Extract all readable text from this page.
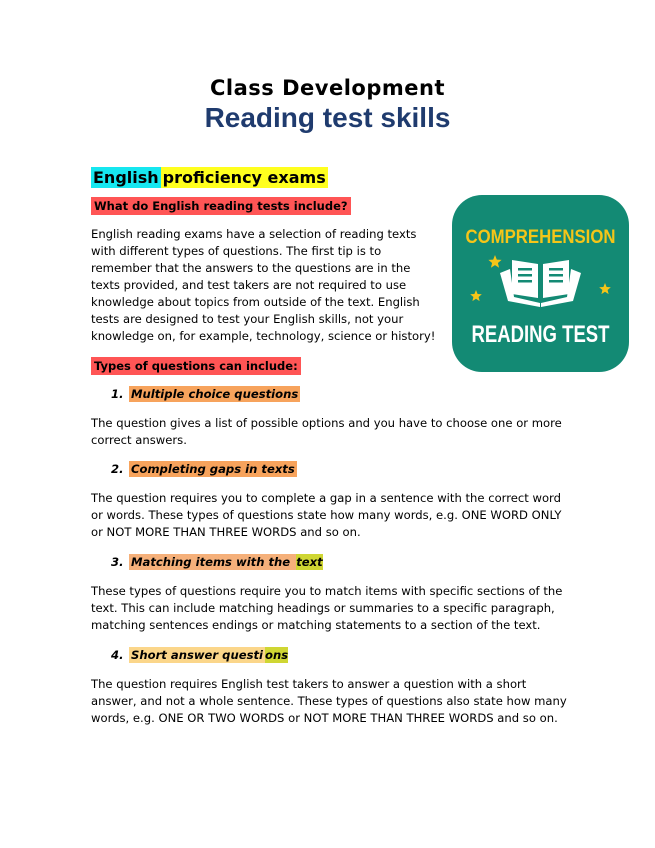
Class Development
Reading test skills
English proficiency exams
What do English reading tests include?

English reading exams have a selection of reading texts with different types of questions. The first tip is to remember that the answers to the questions are in the texts provided, and test takers are not required to use knowledge about topics from outside of the text. English tests are designed to test your English skills, not your knowledge on, for example, technology, science or history!

Types of questions can include:
1. Multiple choice questions

The question gives a list of possible options and you have to choose one or more correct answers.

2. Completing gaps in texts

The question requires you to complete a gap in a sentence with the correct word or words. These types of questions state how many words, e.g. ONE WORD ONLY or NOT MORE THAN THREE WORDS and so on.

3. Matching items with the text

These types of questions require you to match items with specific sections of the text. This can include matching headings or summaries to a specific paragraph, matching sentences endings or matching statements to a section of the text.

4. Short answer questi ons

The question requires English test takers to answer a question with a short answer, and not a whole sentence. These types of questions also state how many words, e.g. ONE OR TWO WORDS or NOT MORE THAN THREE WORDS and so on.

COMPREHENSION
READING TEST
